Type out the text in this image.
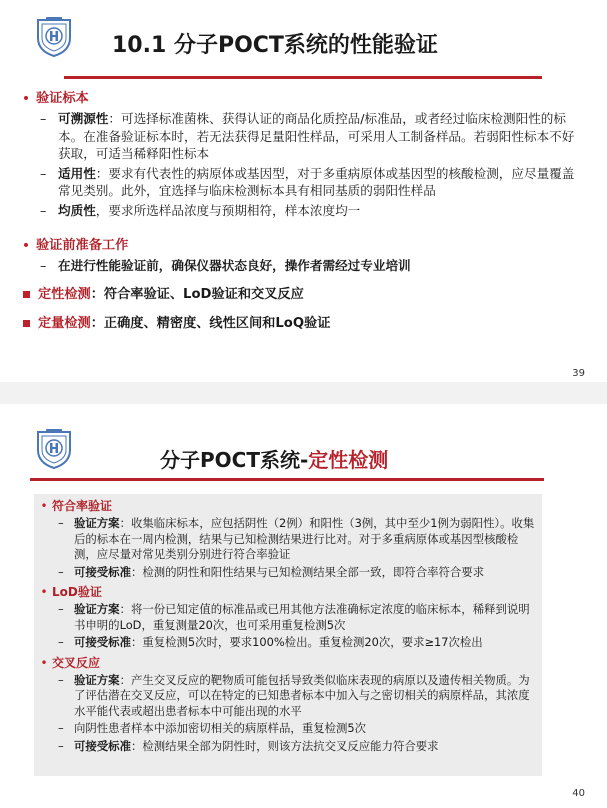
10.1 分子POCT系统的性能验证
• 验证标本
– 可溯源性：可选择标准菌株、获得认证的商品化质控品/标准品，或者经过临床检测阳性的标本。在准备验证标本时，若无法获得足量阳性样品，可采用人工制备样品。若弱阳性标本不好获取，可适当稀释阳性标本
– 适用性：要求有代表性的病原体或基因型，对于多重病原体或基因型的核酸检测，应尽量覆盖常见类别。此外，宜选择与临床检测标本具有相同基质的弱阳性样品
– 均质性，要求所选样品浓度与预期相符，样本浓度均一
• 验证前准备工作
– 在进行性能验证前，确保仪器状态良好，操作者需经过专业培训
定性检测：符合率验证、LoD验证和交叉反应
定量检测：正确度、精密度、线性区间和LoQ验证
39
分子POCT系统-定性检测
• 符合率验证
– 验证方案：收集临床标本，应包括阴性（2例）和阳性（3例，其中至少1例为弱阳性）。收集后的标本在一周内检测，结果与已知检测结果进行比对。对于多重病原体或基因型核酸检测，应尽量对常见类别分别进行符合率验证
– 可接受标准：检测的阴性和阳性结果与已知检测结果全部一致，即符合率符合要求
• LoD验证
– 验证方案：将一份已知定值的标准品或已用其他方法准确标定浓度的临床标本，稀释到说明书申明的LoD，重复测量20次，也可采用重复检测5次
– 可接受标准：重复检测5次时，要求100%检出。重复检测20次，要求≥17次检出
• 交叉反应
– 验证方案：产生交叉反应的靶物质可能包括导致类似临床表现的病原以及遗传相关物质。为了评估潜在交叉反应，可以在特定的已知患者标本中加入与之密切相关的病原样品，其浓度水平能代表或超出患者标本中可能出现的水平
– 向阴性患者样本中添加密切相关的病原样品，重复检测5次
– 可接受标准：检测结果全部为阴性时，则该方法抗交叉反应能力符合要求
40
